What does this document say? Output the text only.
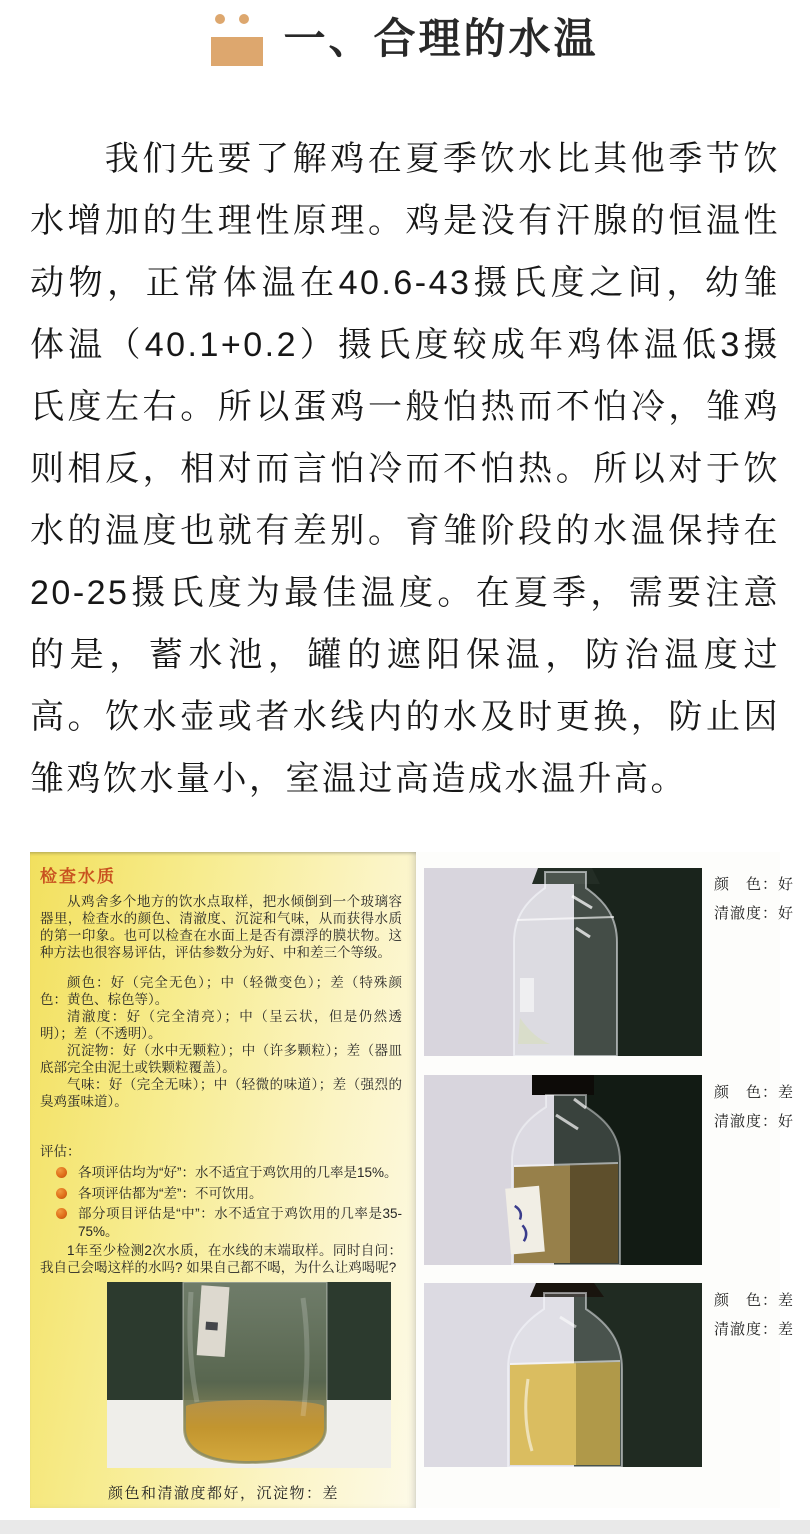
一、合理的水温

我们先要了解鸡在夏季饮水比其他季节饮水增加的生理性原理。鸡是没有汗腺的恒温性动物，正常体温在40.6-43摄氏度之间，幼雏体温（40.1+0.2）摄氏度较成年鸡体温低3摄氏度左右。所以蛋鸡一般怕热而不怕冷，雏鸡则相反，相对而言怕冷而不怕热。所以对于饮水的温度也就有差别。育雏阶段的水温保持在20-25摄氏度为最佳温度。在夏季，需要注意的是，蓄水池，罐的遮阳保温，防治温度过高。饮水壶或者水线内的水及时更换，防止因雏鸡饮水量小，室温过高造成水温升高。

检查水质

从鸡舍多个地方的饮水点取样，把水倾倒到一个玻璃容器里，检查水的颜色、清澈度、沉淀和气味，从而获得水质的第一印象。也可以检查在水面上是否有漂浮的膜状物。这种方法也很容易评估，评估参数分为好、中和差三个等级。

颜色：好（完全无色）；中（轻微变色）；差（特殊颜色：黄色、棕色等）。

清澈度：好（完全清亮）；中（呈云状，但是仍然透明）；差（不透明）。

沉淀物：好（水中无颗粒）；中（许多颗粒）；差（器皿底部完全由泥土或铁颗粒覆盖）。

气味：好（完全无味）；中（轻微的味道）；差（强烈的臭鸡蛋味道）。

评估：
各项评估均为“好”：水不适宜于鸡饮用的几率是15%。
各项评估都为“差”：不可饮用。
部分项目评估是“中”：水不适宜于鸡饮用的几率是35-75%。

1年至少检测2次水质，在水线的末端取样。同时自问：我自己会喝这样的水吗? 如果自己都不喝，为什么让鸡喝呢?

颜　色：好
清澈度：好
颜　色：差
清澈度：好
颜　色：差
清澈度：差
颜色和清澈度都好，沉淀物：差
